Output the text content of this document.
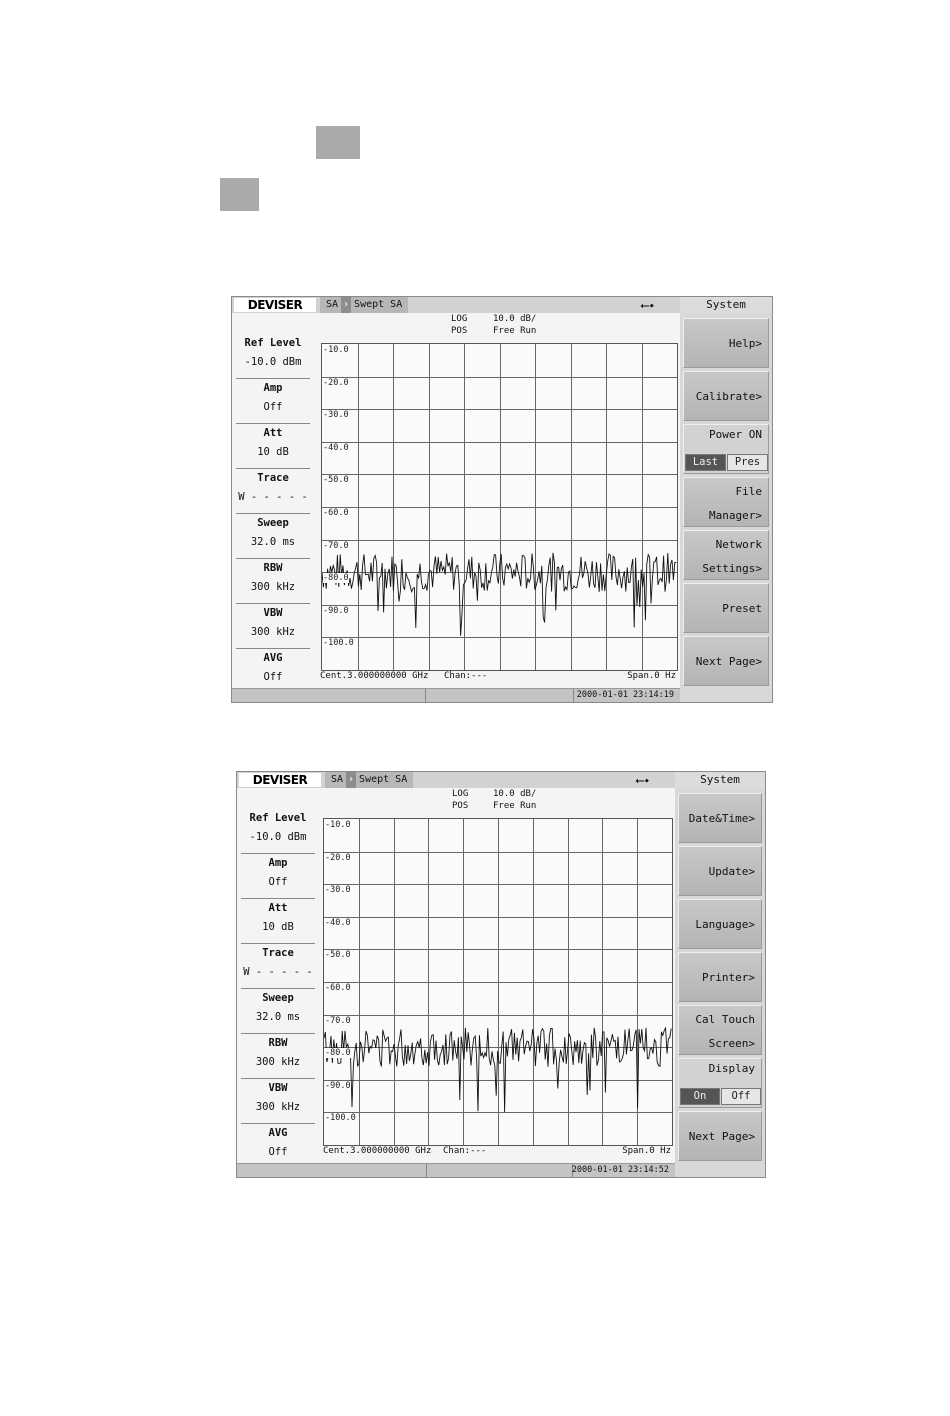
DEVISER	SA › Swept SA	⭠⬩
LOG	10.0 dB/
POS	Free Run
Ref Level
-10.0 dBm
Amp
Off
Att
10 dB
Trace
W - - - - -
Sweep
32.0 ms
RBW
300 kHz
VBW
300 kHz
AVG
Off
-10.0
-20.0
-30.0
-40.0
-50.0
-60.0
-70.0
-80.0
-90.0
-100.0
Cent.3.000000000 GHz Chan:---	Span.0 Hz
2000-01-01 23:14:19
System
Help>
Calibrate>
Power ON
Last	Pres
File
Manager>
Network
Settings>
Preset
Next Page>
DEVISER	SA › Swept SA	⭠⬩
LOG	10.0 dB/
POS	Free Run
Ref Level
-10.0 dBm
Amp
Off
Att
10 dB
Trace
W - - - - -
Sweep
32.0 ms
RBW
300 kHz
VBW
300 kHz
AVG
Off
-10.0
-20.0
-30.0
-40.0
-50.0
-60.0
-70.0
-80.0
-90.0
-100.0
Cent.3.000000000 GHz Chan:---	Span.0 Hz
2000-01-01 23:14:52
System
Date&Time>
Update>
Language>
Printer>
Cal Touch
Screen>
Display
On	Off
Next Page>
